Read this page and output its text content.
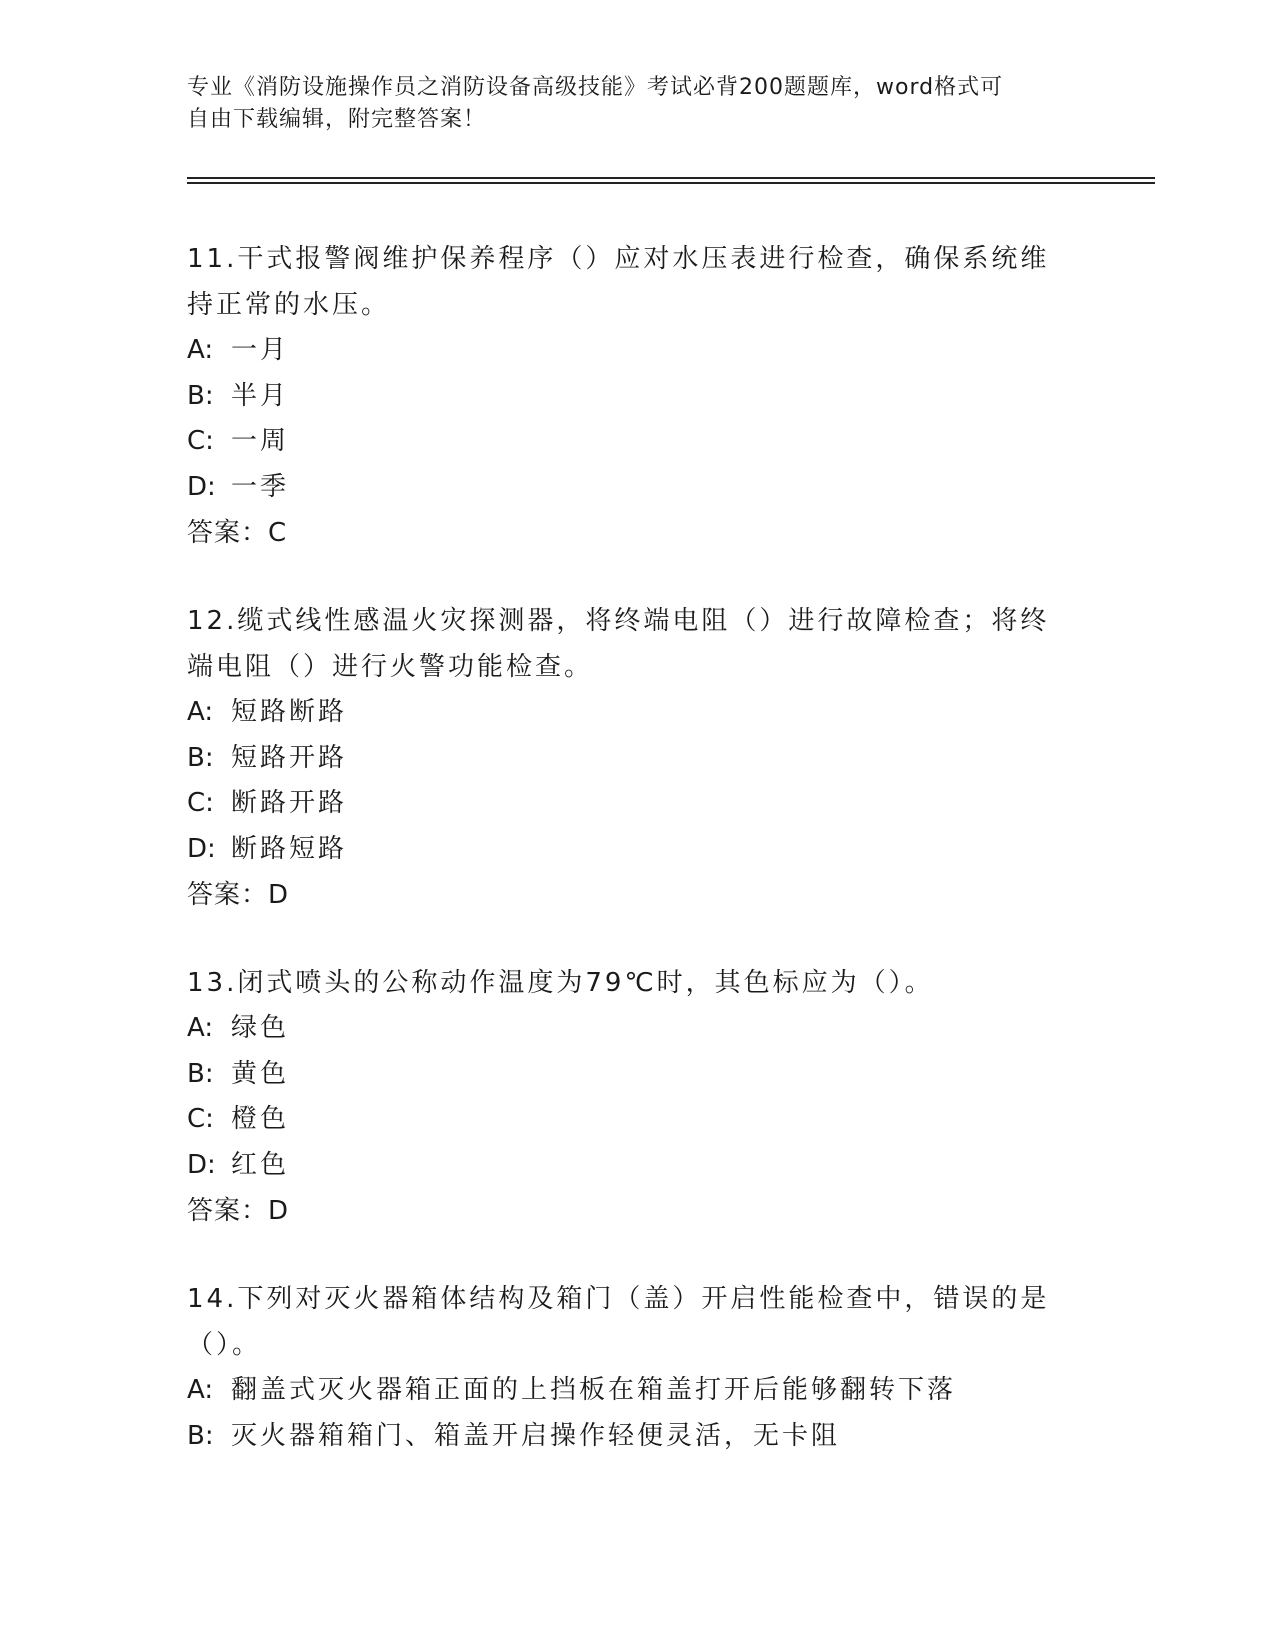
专业《消防设施操作员之消防设备高级技能》考试必背200题题库，word格式可
自由下载编辑，附完整答案！
11.干式报警阀维护保养程序（）应对水压表进行检查，确保系统维持正常的水压。
A: 一月
B: 半月
C: 一周
D: 一季
答案：C
12.缆式线性感温火灾探测器，将终端电阻（）进行故障检查；将终端电阻（）进行火警功能检查。
A: 短路断路
B: 短路开路
C: 断路开路
D: 断路短路
答案：D
13.闭式喷头的公称动作温度为79℃时，其色标应为（）。
A: 绿色
B: 黄色
C: 橙色
D: 红色
答案：D
14.下列对灭火器箱体结构及箱门（盖）开启性能检查中，错误的是（）。
A: 翻盖式灭火器箱正面的上挡板在箱盖打开后能够翻转下落
B: 灭火器箱箱门、箱盖开启操作轻便灵活，无卡阻
